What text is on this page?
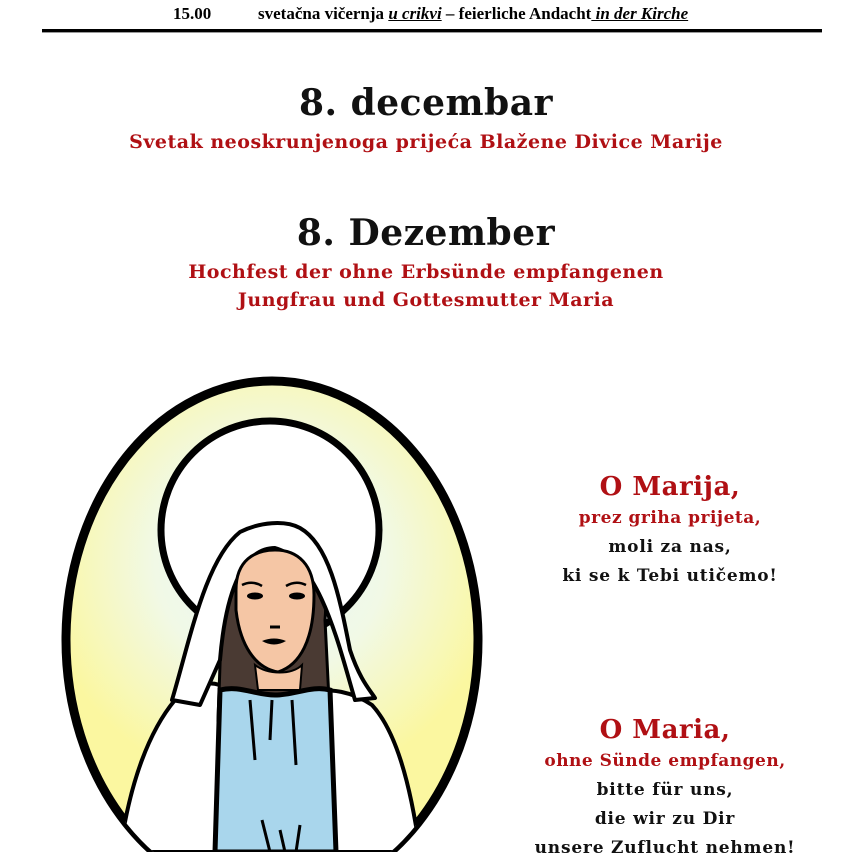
15.00	svetačna vičernja u crikvi – feierliche Andacht in der Kirche
8. decembar

Svetak neoskrunjenoga prijeća Blažene Divice Marije

8. Dezember

Hochfest der ohne Erbsünde empfangenen

Jungfrau und Gottesmutter Maria

O Marija,
prez griha prijeta,
moli za nas,
ki se k Tebi utičemo!
O Maria,
ohne Sünde empfangen,
bitte für uns,
die wir zu Dir
unsere Zuflucht nehmen!
